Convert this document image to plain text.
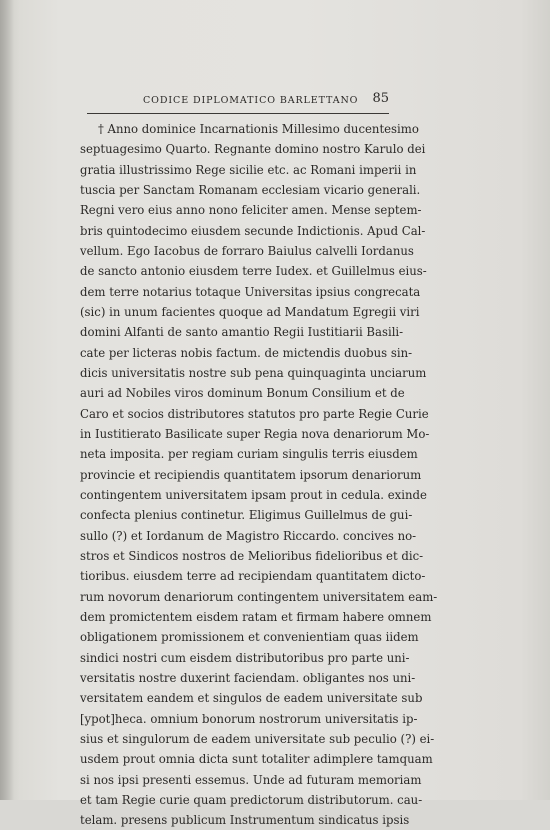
CODICE DIPLOMATICO BARLETTANO 85
† Anno dominice Incarnationis Millesimo ducentesimo
septuagesimo Quarto. Regnante domino nostro Karulo dei
gratia illustrissimo Rege sicilie etc. ac Romani imperii in
tuscia per Sanctam Romanam ecclesiam vicario generali.
Regni vero eius anno nono feliciter amen. Mense septem-
bris quintodecimo eiusdem secunde Indictionis. Apud Cal-
vellum. Ego Iacobus de forraro Baiulus calvelli Iordanus
de sancto antonio eiusdem terre Iudex. et Guillelmus eius-
dem terre notarius totaque Universitas ipsius congrecata
(sic) in unum facientes quoque ad Mandatum Egregii viri
domini Alfanti de santo amantio Regii Iustitiarii Basili-
cate per licteras nobis factum. de mictendis duobus sin-
dicis universitatis nostre sub pena quinquaginta unciarum
auri ad Nobiles viros dominum Bonum Consilium et de
Caro et socios distributores statutos pro parte Regie Curie
in Iustitierato Basilicate super Regia nova denariorum Mo-
neta imposita. per regiam curiam singulis terris eiusdem
provincie et recipiendis quantitatem ipsorum denariorum
contingentem universitatem ipsam prout in cedula. exinde
confecta plenius continetur. Eligimus Guillelmus de gui-
sullo (?) et Iordanum de Magistro Riccardo. concives no-
stros et Sindicos nostros de Melioribus fidelioribus et dic-
tioribus. eiusdem terre ad recipiendam quantitatem dicto-
rum novorum denariorum contingentem universitatem eam-
dem promictentem eisdem ratam et firmam habere omnem
obligationem promissionem et convenientiam quas iidem
sindici nostri cum eisdem distributoribus pro parte uni-
versitatis nostre duxerint faciendam. obligantes nos uni-
versitatem eandem et singulos de eadem universitate sub
[ypot]heca. omnium bonorum nostrorum universitatis ip-
sius et singulorum de eadem universitate sub peculio (?) ei-
usdem prout omnia dicta sunt totaliter adimplere tamquam
si nos ipsi presenti essemus. Unde ad futuram memoriam
et tam Regie curie quam predictorum distributorum. cau-
telam. presens publicum Instrumentum sindicatus ipsis
